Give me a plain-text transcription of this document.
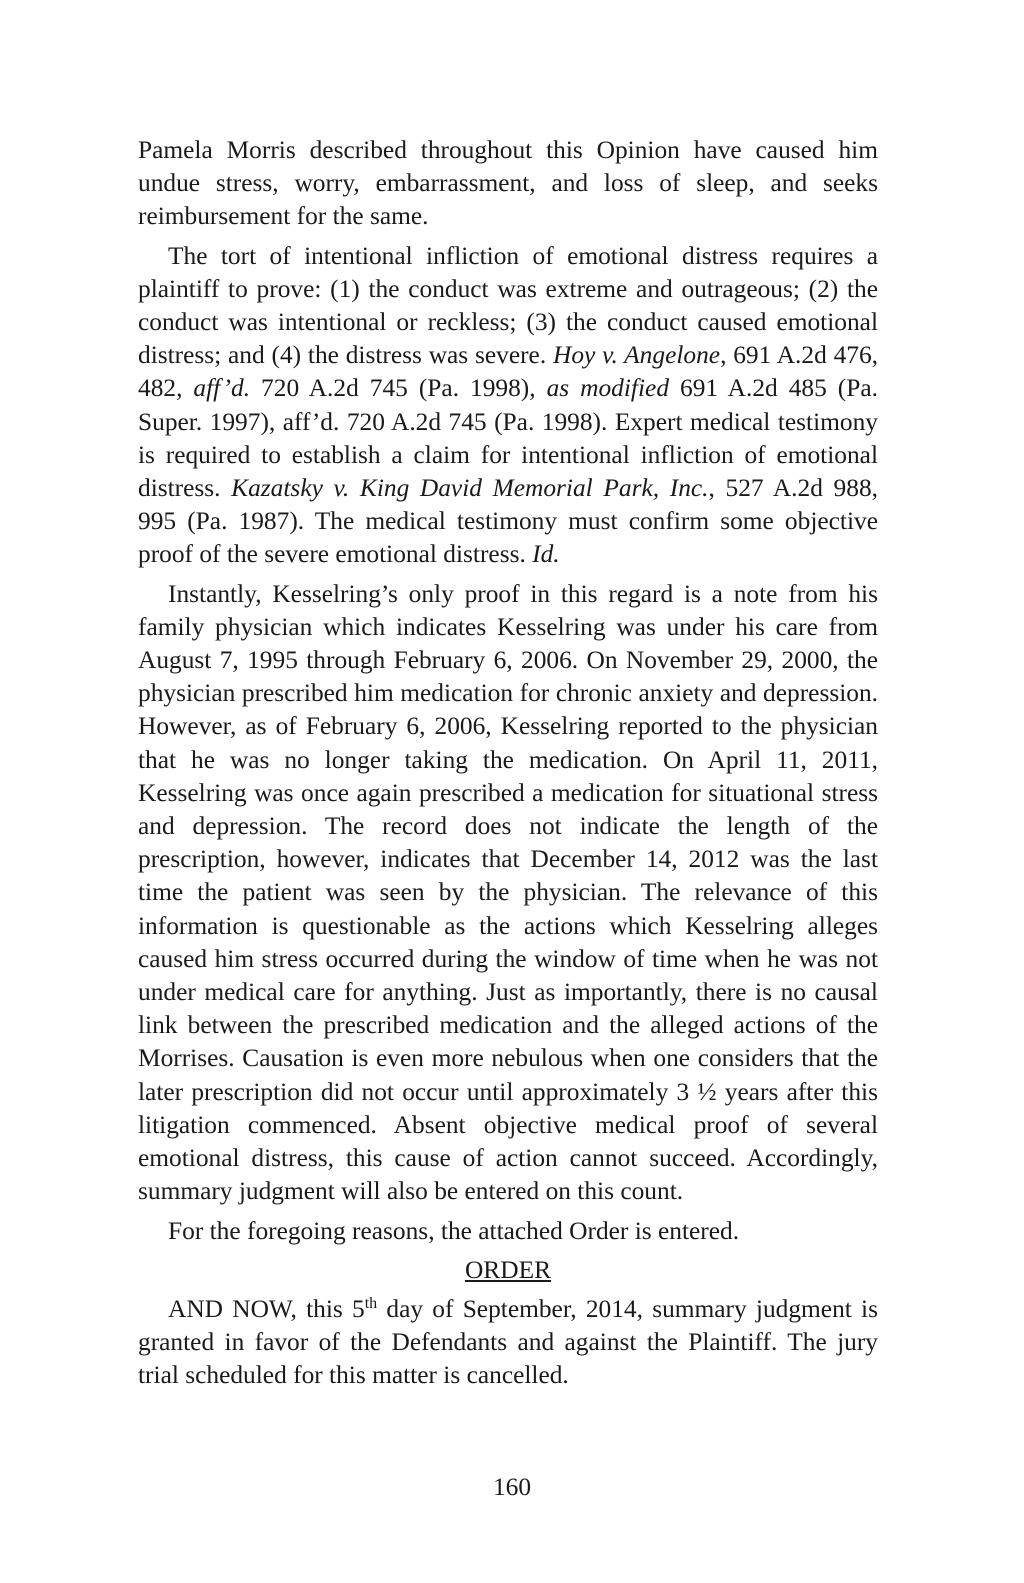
Pamela Morris described throughout this Opinion have caused him undue stress, worry, embarrassment, and loss of sleep, and seeks reimbursement for the same.

The tort of intentional infliction of emotional distress requires a plaintiff to prove: (1) the conduct was extreme and outrageous; (2) the conduct was intentional or reckless; (3) the conduct caused emotional distress; and (4) the distress was severe. Hoy v. Angelone, 691 A.2d 476, 482, aff’d. 720 A.2d 745 (Pa. 1998), as modified 691 A.2d 485 (Pa. Super. 1997), aff’d. 720 A.2d 745 (Pa. 1998). Expert medical testimony is required to establish a claim for intentional infliction of emotional distress. Kazatsky v. King David Memorial Park, Inc., 527 A.2d 988, 995 (Pa. 1987). The medical testimony must confirm some objective proof of the severe emotional distress. Id.

Instantly, Kesselring’s only proof in this regard is a note from his family physician which indicates Kesselring was under his care from August 7, 1995 through February 6, 2006. On November 29, 2000, the physician prescribed him medication for chronic anxiety and depression. However, as of February 6, 2006, Kesselring reported to the physician that he was no longer taking the medication. On April 11, 2011, Kesselring was once again prescribed a medication for situational stress and depression. The record does not indicate the length of the prescription, however, indicates that December 14, 2012 was the last time the patient was seen by the physician. The relevance of this information is questionable as the actions which Kesselring alleges caused him stress occurred during the window of time when he was not under medical care for anything. Just as importantly, there is no causal link between the prescribed medication and the alleged actions of the Morrises. Causation is even more nebulous when one considers that the later prescription did not occur until approximately 3 ½ years after this litigation commenced. Absent objective medical proof of several emotional distress, this cause of action cannot succeed. Accordingly, summary judgment will also be entered on this count.

For the foregoing reasons, the attached Order is entered.

ORDER

AND NOW, this 5th day of September, 2014, summary judgment is granted in favor of the Defendants and against the Plaintiff. The jury trial scheduled for this matter is cancelled.

160
